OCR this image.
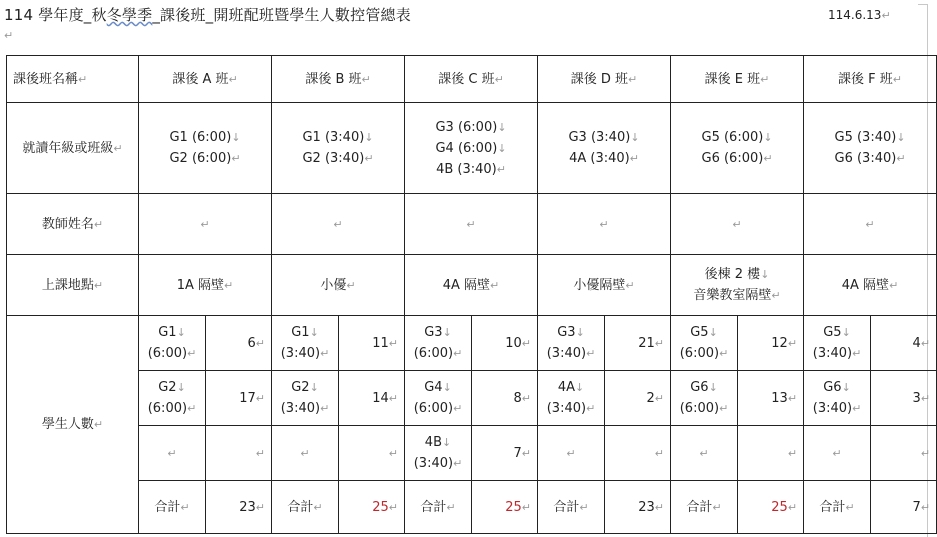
114 學年度_秋冬學季_課後班_開班配班暨學生人數控管總表	114.6.13↵
↵
課後班名稱↵	課後 A 班↵		課後 B 班↵		課後 C 班↵		課後 D 班↵		課後 E 班↵		課後 F 班↵	
就讀年級或班級↵	G1 (6:00)↓
G2 (6:00)↵		G1 (3:40)↓
G2 (3:40)↵		G3 (6:00)↓
G4 (6:00)↓
4B (3:40)↵		G3 (3:40)↓
4A (3:40)↵		G5 (6:00)↓
G6 (6:00)↵		G5 (3:40)↓
G6 (3:40)↵	
教師姓名↵	↵		↵		↵		↵		↵		↵	
上課地點↵	1A 隔壁↵		小優↵		4A 隔壁↵		小優隔壁↵		後棟 2 樓↓
音樂教室隔壁↵		4A 隔壁↵	
學生人數↵	G1↓
(6:00)↵	6↵	G1↓
(3:40)↵	11↵	G3↓
(6:00)↵	10↵	G3↓
(3:40)↵	21↵	G5↓
(6:00)↵	12↵	G5↓
(3:40)↵	4↵
	G2↓
(6:00)↵	17↵	G2↓
(3:40)↵	14↵	G4↓
(6:00)↵	8↵	4A↓
(3:40)↵	2↵	G6↓
(6:00)↵	13↵	G6↓
(3:40)↵	3↵
	↵	↵	↵	↵	4B↓
(3:40)↵	7↵	↵	↵	↵	↵	↵	↵
	合計↵	23↵	合計↵	25↵	合計↵	25↵	合計↵	23↵	合計↵	25↵	合計↵	7↵
